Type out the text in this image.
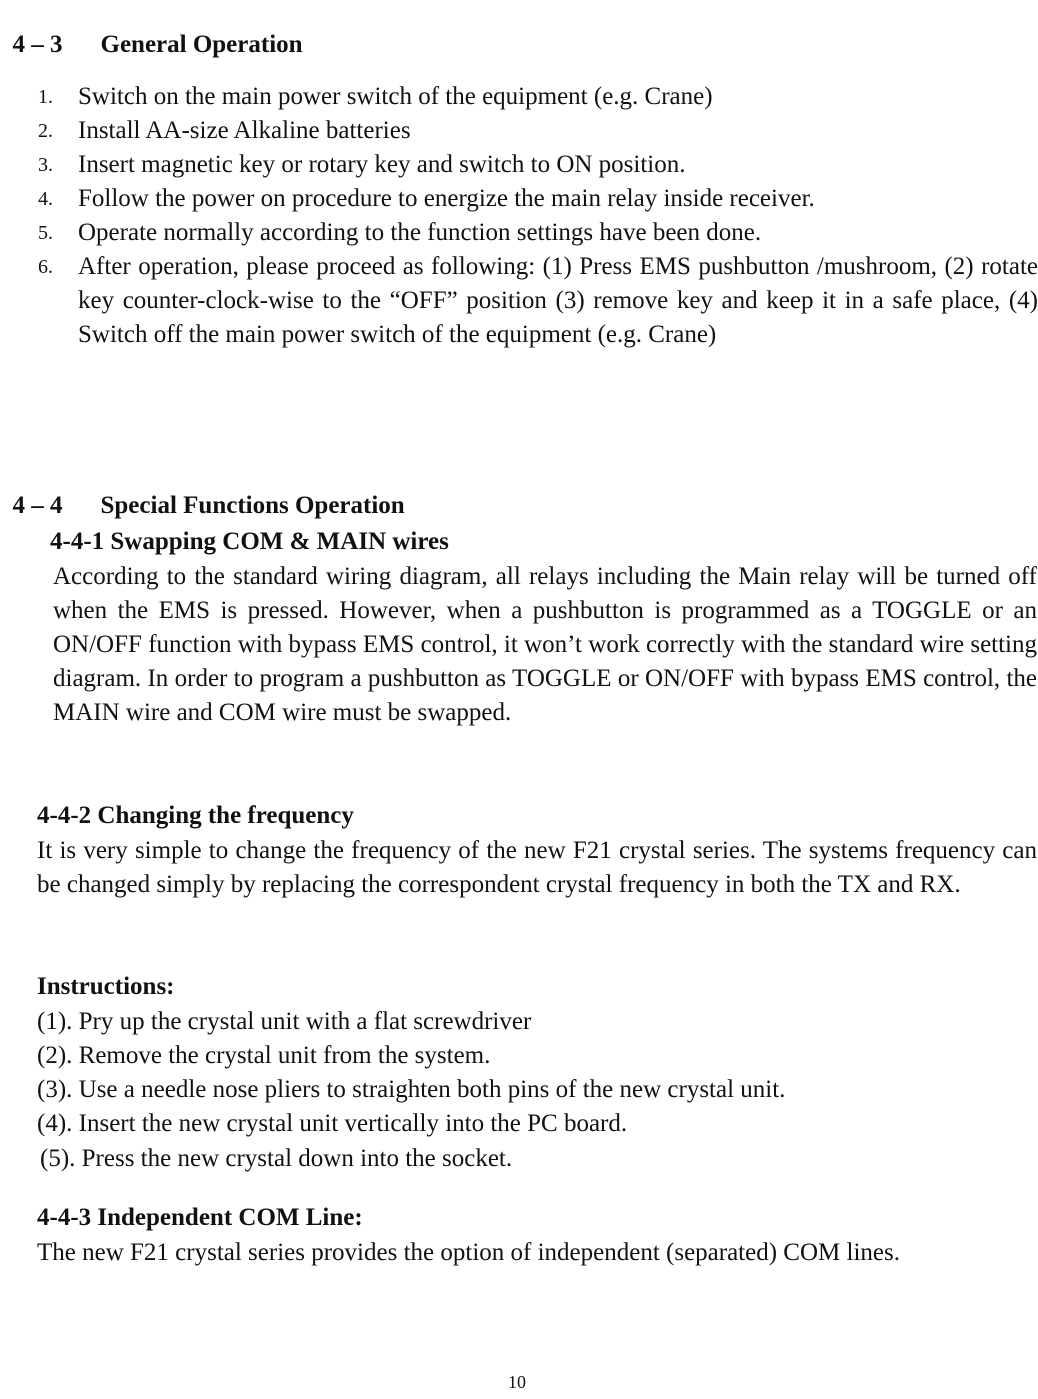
4 – 3 General Operation

1. Switch on the main power switch of the equipment (e.g. Crane)
2. Install AA-size Alkaline batteries
3. Insert magnetic key or rotary key and switch to ON position.
4. Follow the power on procedure to energize the main relay inside receiver.
5. Operate normally according to the function settings have been done.
6. After operation, please proceed as following: (1) Press EMS pushbutton /mushroom, (2) rotate key counter-clock-wise to the “OFF” position (3) remove key and keep it in a safe place, (4) Switch off the main power switch of the equipment (e.g. Crane)

4 – 4 Special Functions Operation

4-4-1 Swapping COM & MAIN wires
According to the standard wiring diagram, all relays including the Main relay will be turned off when the EMS is pressed. However, when a pushbutton is programmed as a TOGGLE or an ON/OFF function with bypass EMS control, it won’t work correctly with the standard wire setting diagram. In order to program a pushbutton as TOGGLE or ON/OFF with bypass EMS control, the MAIN wire and COM wire must be swapped.
4-4-2 Changing the frequency
It is very simple to change the frequency of the new F21 crystal series. The systems frequency can be changed simply by replacing the correspondent crystal frequency in both the TX and RX.
Instructions:
(1). Pry up the crystal unit with a flat screwdriver
(2). Remove the crystal unit from the system.
(3). Use a needle nose pliers to straighten both pins of the new crystal unit.
(4). Insert the new crystal unit vertically into the PC board.
(5). Press the new crystal down into the socket.
4-4-3 Independent COM Line:
The new F21 crystal series provides the option of independent (separated) COM lines.
10
